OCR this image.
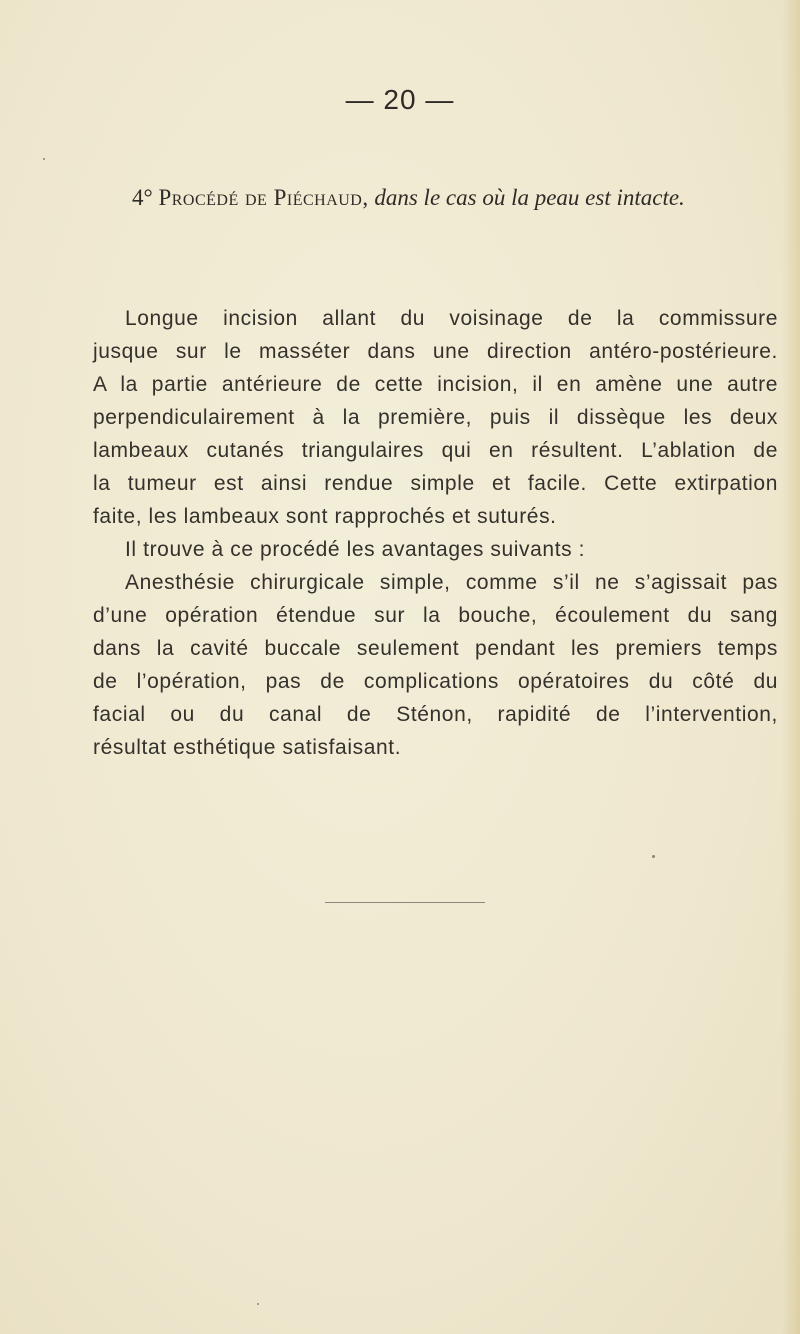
— 20 —
4° Procédé de Piéchaud, dans le cas où la peau est intacte.
Longue incision allant du voisinage de la commissure
jusque sur le masséter dans une direction antéro-postérieure.
A la partie antérieure de cette incision, il en amène une autre
perpendiculairement à la première, puis il dissèque les deux
lambeaux cutanés triangulaires qui en résultent. L’ablation de
la tumeur est ainsi rendue simple et facile. Cette extirpation
faite, les lambeaux sont rapprochés et suturés.
Il trouve à ce procédé les avantages suivants :
Anesthésie chirurgicale simple, comme s’il ne s’agissait pas
d’une opération étendue sur la bouche, écoulement du sang
dans la cavité buccale seulement pendant les premiers temps
de l’opération, pas de complications opératoires du côté du
facial ou du canal de Sténon, rapidité de l’intervention,
résultat esthétique satisfaisant.
